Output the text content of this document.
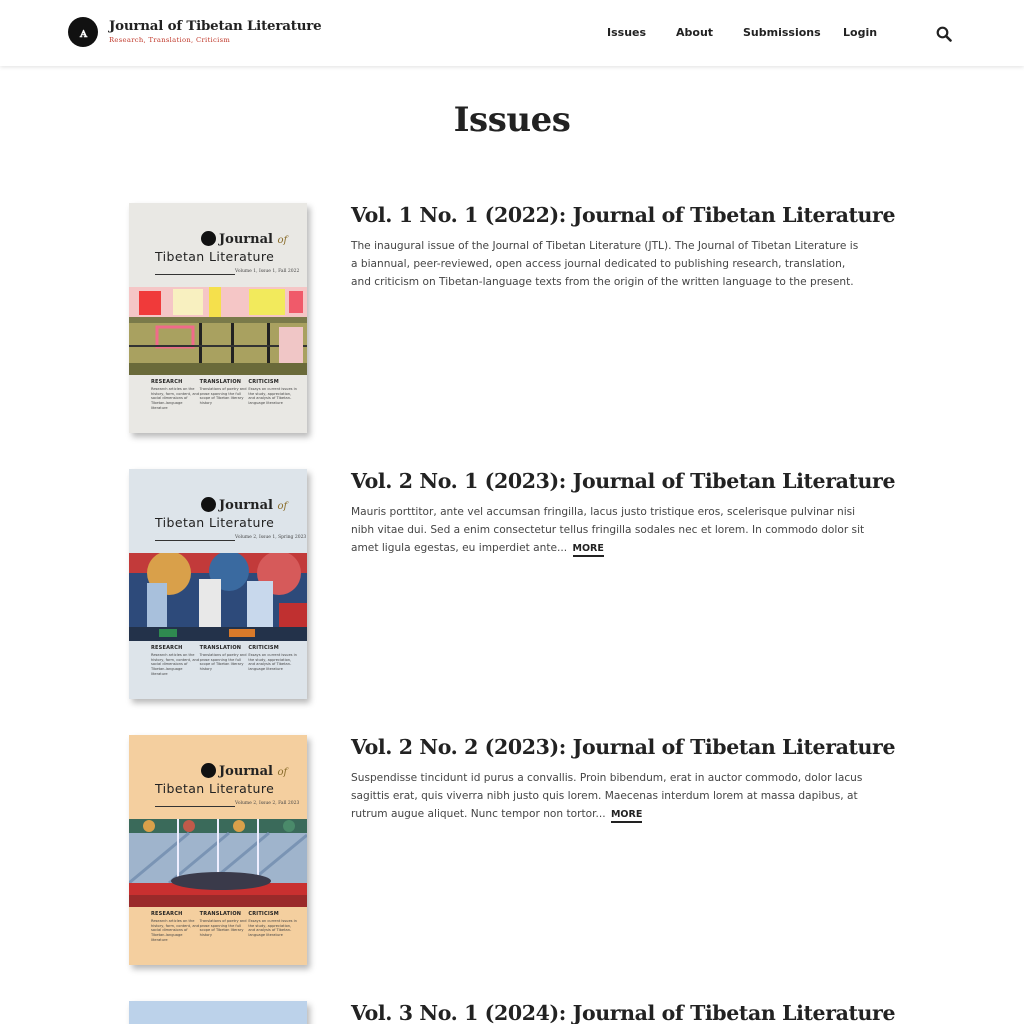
ꭺ	Journal of Tibetan Literature
Research, Translation, Criticism
Issues	About	Submissions Login
Issues
Journal of
Tibetan Literature
Volume 1, Issue 1, Fall 2022
RESEARCH
Research articles on the history, form, content, and social dimensions of Tibetan-language literature
TRANSLATION
Translations of poetry and prose spanning the full scope of Tibetan literary history
CRITICISM
Essays on current issues in the study, appreciation, and analysis of Tibetan-language literature
Vol. 1 No. 1 (2022): Journal of Tibetan Literature

The inaugural issue of the Journal of Tibetan Literature (JTL). The Journal of Tibetan Literature is a biannual, peer-reviewed, open access journal dedicated to publishing research, translation, and criticism on Tibetan-language texts from the origin of the written language to the present.

Journal of
Tibetan Literature
Volume 2, Issue 1, Spring 2023
RESEARCH
Research articles on the history, form, content, and social dimensions of Tibetan-language literature
TRANSLATION
Translations of poetry and prose spanning the full scope of Tibetan literary history
CRITICISM
Essays on current issues in the study, appreciation, and analysis of Tibetan-language literature
Vol. 2 No. 1 (2023): Journal of Tibetan Literature

Mauris porttitor, ante vel accumsan fringilla, lacus justo tristique eros, scelerisque pulvinar nisi nibh vitae dui. Sed a enim consectetur tellus fringilla sodales nec et lorem. In commodo dolor sit amet ligula egestas, eu imperdiet ante... MORE

Journal of
Tibetan Literature
Volume 2, Issue 2, Fall 2023
RESEARCH
Research articles on the history, form, content, and social dimensions of Tibetan-language literature
TRANSLATION
Translations of poetry and prose spanning the full scope of Tibetan literary history
CRITICISM
Essays on current issues in the study, appreciation, and analysis of Tibetan-language literature
Vol. 2 No. 2 (2023): Journal of Tibetan Literature

Suspendisse tincidunt id purus a convallis. Proin bibendum, erat in auctor commodo, dolor lacus sagittis erat, quis viverra nibh justo quis lorem. Maecenas interdum lorem at massa dapibus, at rutrum augue aliquet. Nunc tempor non tortor... MORE

Vol. 3 No. 1 (2024): Journal of Tibetan Literature
